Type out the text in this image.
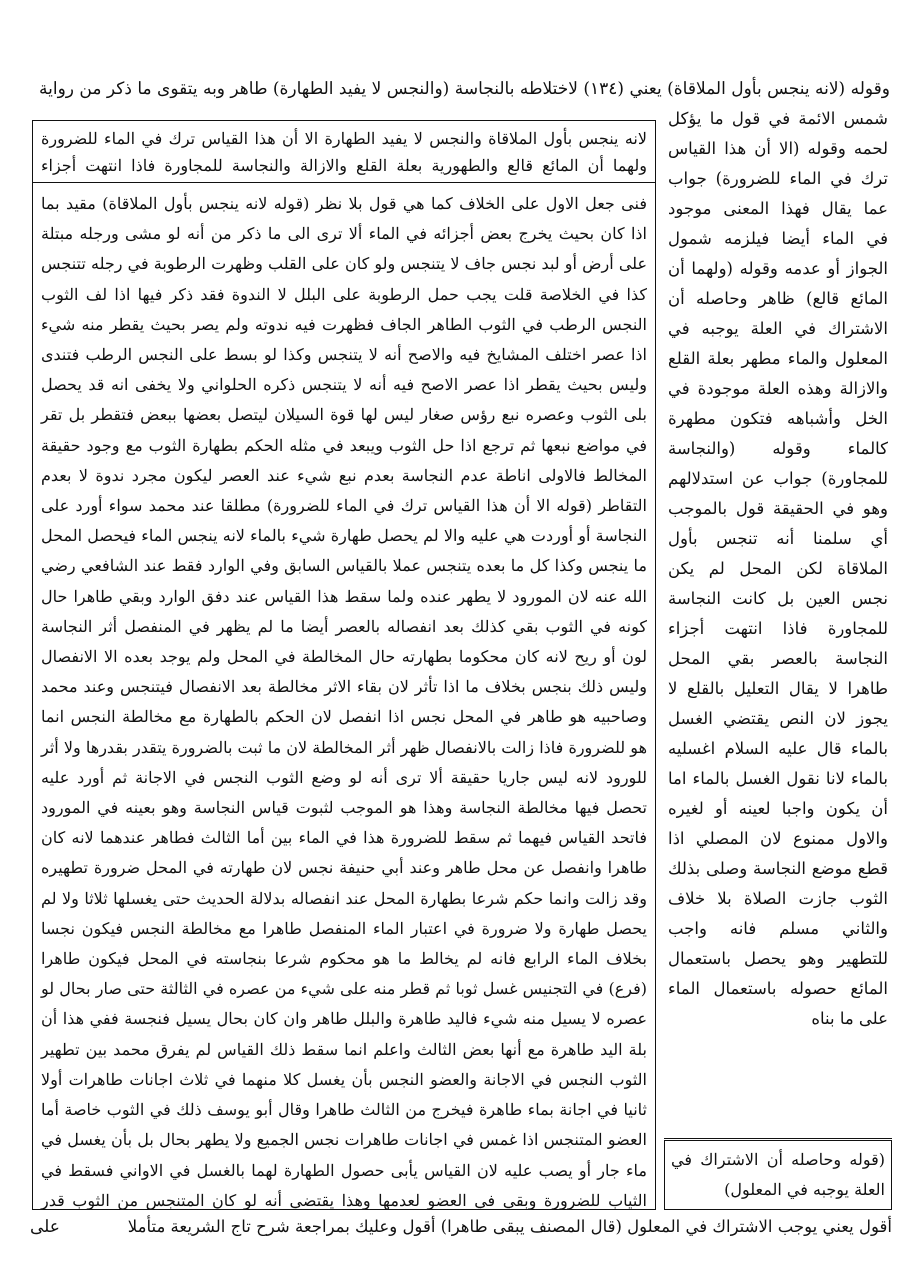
وقوله (لانه ينجس بأول الملاقاة) يعني (١٣٤) لاختلاطه بالنجاسة (والنجس لا يفيد الطهارة) طاهر وبه يتقوى ما ذكر من رواية
لانه ينجس بأول الملاقاة والنجس لا يفيد الطهارة الا أن هذا القياس ترك في الماء للضرورة ولهما أن المائع قالع والطهورية بعلة القلع والازالة والنجاسة للمجاورة فاذا انتهت أجزاء

فنى جعل الاول على الخلاف كما هي قول بلا نظر (قوله لانه ينجس بأول الملاقاة) مقيد بما اذا كان بحيث يخرج بعض أجزائه في الماء ألا ترى الى ما ذكر من أنه لو مشى ورجله مبتلة على أرض أو لبد نجس جاف لا يتنجس ولو كان على القلب وظهرت الرطوبة في رجله تتنجس كذا في الخلاصة قلت يجب حمل الرطوبة على البلل لا الندوة فقد ذكر فيها اذا لف الثوب النجس الرطب في الثوب الطاهر الجاف فظهرت فيه ندوته ولم يصر بحيث يقطر منه شيء اذا عصر اختلف المشايخ فيه والاصح أنه لا يتنجس وكذا لو بسط على النجس الرطب فتندى وليس بحيث يقطر اذا عصر الاصح فيه أنه لا يتنجس ذكره الحلواني ولا يخفى انه قد يحصل بلى الثوب وعصره نبع رؤس صغار ليس لها قوة السيلان ليتصل بعضها ببعض فتقطر بل تقر في مواضع نبعها ثم ترجع اذا حل الثوب ويبعد في مثله الحكم بطهارة الثوب مع وجود حقيقة المخالط فالاولى اناطة عدم النجاسة بعدم نبع شيء عند العصر ليكون مجرد ندوة لا بعدم التقاطر (قوله الا أن هذا القياس ترك في الماء للضرورة) مطلقا عند محمد سواء أورد على النجاسة أو أوردت هي عليه والا لم يحصل طهارة شيء بالماء لانه ينجس الماء فيحصل المحل ما ينجس وكذا كل ما بعده يتنجس عملا بالقياس السابق وفي الوارد فقط عند الشافعي رضي الله عنه لان المورود لا يطهر عنده ولما سقط هذا القياس عند دفق الوارد وبقي طاهرا حال كونه في الثوب بقي كذلك بعد انفصاله بالعصر أيضا ما لم يظهر في المنفصل أثر النجاسة لون أو ريح لانه كان محكوما بطهارته حال المخالطة في المحل ولم يوجد بعده الا الانفصال وليس ذلك بنجس بخلاف ما اذا تأثر لان بقاء الاثر مخالطة بعد الانفصال فيتنجس وعند محمد وصاحبيه هو طاهر في المحل نجس اذا انفصل لان الحكم بالطهارة مع مخالطة النجس انما هو للضرورة فاذا زالت بالانفصال ظهر أثر المخالطة لان ما ثبت بالضرورة يتقدر بقدرها ولا أثر للورود لانه ليس جاريا حقيقة ألا ترى أنه لو وضع الثوب النجس في الاجانة ثم أورد عليه تحصل فيها مخالطة النجاسة وهذا هو الموجب لثبوت قياس النجاسة وهو بعينه في المورود فاتحد القياس فيهما ثم سقط للضرورة هذا في الماء بين أما الثالث فطاهر عندهما لانه كان طاهرا وانفصل عن محل طاهر وعند أبي حنيفة نجس لان طهارته في المحل ضرورة تطهيره وقد زالت وانما حكم شرعا بطهارة المحل عند انفصاله بدلالة الحديث حتى يغسلها ثلاثا ولا لم يحصل طهارة ولا ضرورة في اعتبار الماء المنفصل طاهرا مع مخالطة النجس فيكون نجسا بخلاف الماء الرابع فانه لم يخالط ما هو محكوم شرعا بنجاسته في المحل فيكون طاهرا (فرع) في التجنيس غسل ثوبا ثم قطر منه على شيء من عصره في الثالثة حتى صار بحال لو عصره لا يسيل منه شيء فاليد طاهرة والبلل طاهر وان كان بحال يسيل فنجسة ففي هذا أن بلة اليد طاهرة مع أنها بعض الثالث واعلم انما سقط ذلك القياس لم يفرق محمد بين تطهير الثوب النجس في الاجانة والعضو النجس بأن يغسل كلا منهما في ثلاث اجانات طاهرات أولا ثانيا في اجانة بماء طاهرة فيخرج من الثالث طاهرا وقال أبو يوسف ذلك في الثوب خاصة أما العضو المتنجس اذا غمس في اجانات طاهرات نجس الجميع ولا يطهر بحال بل بأن يغسل في ماء جار أو يصب عليه لان القياس يأبى حصول الطهارة لهما بالغسل في الاواني فسقط في الثياب للضرورة وبقي في العضو لعدمها وهذا يقتضي أنه لو كان المتنجس من الثوب قدر

شمس الائمة في قول ما يؤكل لحمه وقوله (الا أن هذا القياس ترك في الماء للضرورة) جواب عما يقال فهذا المعنى موجود في الماء أيضا فيلزمه شمول الجواز أو عدمه وقوله (ولهما أن المائع قالع) ظاهر وحاصله أن الاشتراك في العلة يوجبه في المعلول والماء مطهر بعلة القلع والازالة وهذه العلة موجودة في الخل وأشباهه فتكون مطهرة كالماء وقوله (والنجاسة للمجاورة) جواب عن استدلالهم وهو في الحقيقة قول بالموجب أي سلمنا أنه تنجس بأول الملاقاة لكن المحل لم يكن نجس العين بل كانت النجاسة للمجاورة فاذا انتهت أجزاء النجاسة بالعصر بقي المحل طاهرا لا يقال التعليل بالقلع لا يجوز لان النص يقتضي الغسل بالماء قال عليه السلام اغسليه بالماء لانا نقول الغسل بالماء اما أن يكون واجبا لعينه أو لغيره والاول ممنوع لان المصلي اذا قطع موضع النجاسة وصلى بذلك الثوب جازت الصلاة بلا خلاف والثاني مسلم فانه واجب للتطهير وهو يحصل باستعمال المائع حصوله باستعمال الماء على ما بناه
(قوله وحاصله أن الاشتراك في العلة يوجبه في المعلول)
أقول يعني يوجب الاشتراك في المعلول (قال المصنف يبقى طاهرا) أقول وعليك بمراجعة شرح تاج الشريعة متأملا
على
